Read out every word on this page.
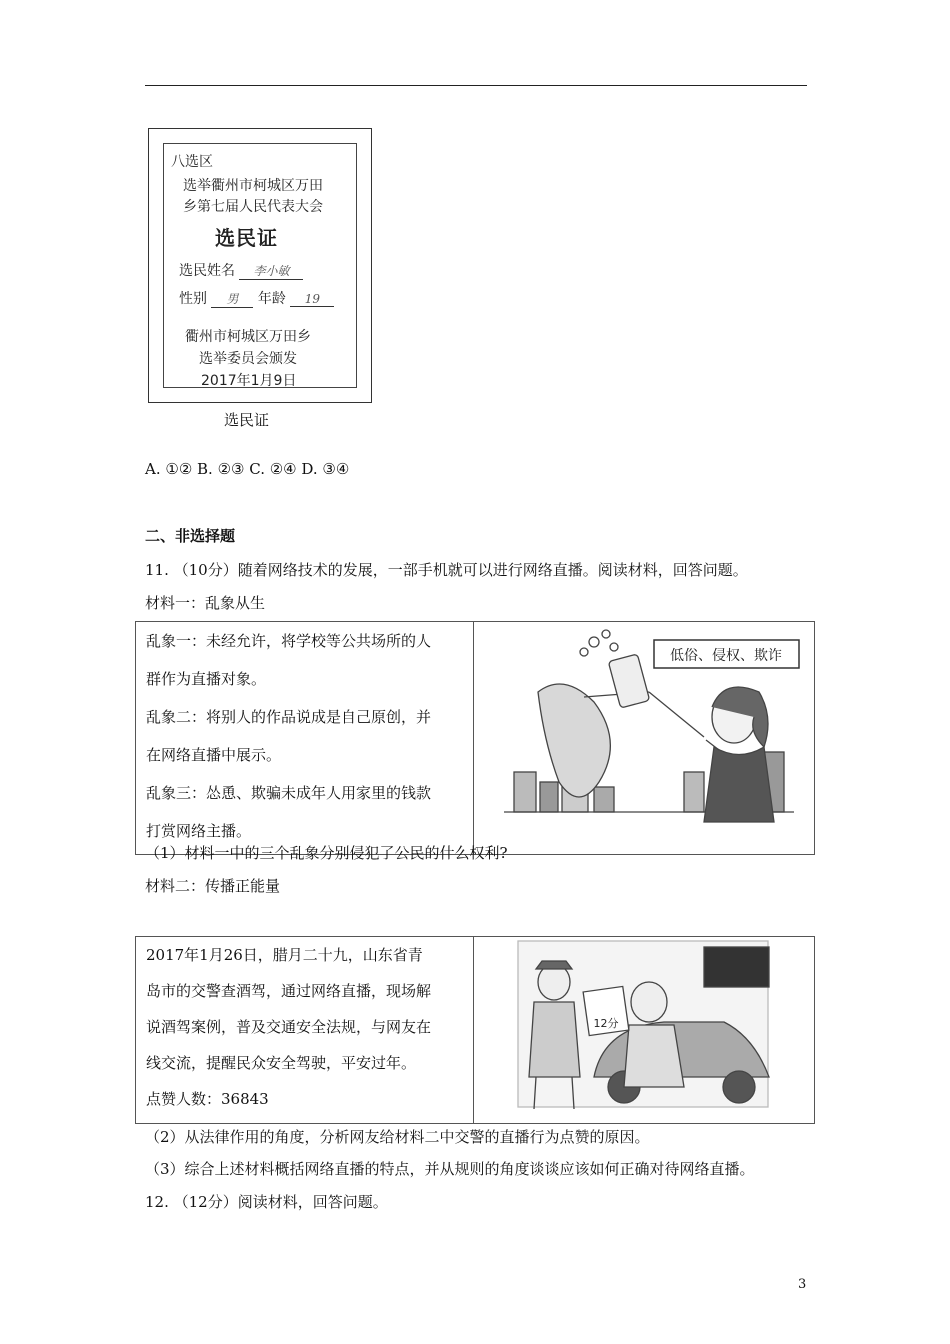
八选区
选举衢州市柯城区万田
乡第七届人民代表大会
选民证
选民姓名 李小敏
性别 男 年龄 19
衢州市柯城区万田乡
选举委员会颁发
2017年1月9日
选民证
A. ①② B. ②③ C. ②④ D. ③④
二、非选择题
11. （10分）随着网络技术的发展，一部手机就可以进行网络直播。阅读材料，回答问题。
材料一：乱象从生
乱象一：未经允许，将学校等公共场所的人
群作为直播对象。
乱象二：将别人的作品说成是自己原创，并
在网络直播中展示。
乱象三：怂恿、欺骗未成年人用家里的钱款
打赏网络主播。

低俗、侵权、欺诈
（1）材料一中的三个乱象分别侵犯了公民的什么权利?
材料二：传播正能量
2017年1月26日，腊月二十九，山东省青
岛市的交警查酒驾，通过网络直播，现场解
说酒驾案例，普及交通安全法规，与网友在
线交流，提醒民众安全驾驶，平安过年。
点赞人数：36843

12分
（2）从法律作用的角度，分析网友给材料二中交警的直播行为点赞的原因。
（3）综合上述材料概括网络直播的特点，并从规则的角度谈谈应该如何正确对待网络直播。
12. （12分）阅读材料，回答问题。
3
